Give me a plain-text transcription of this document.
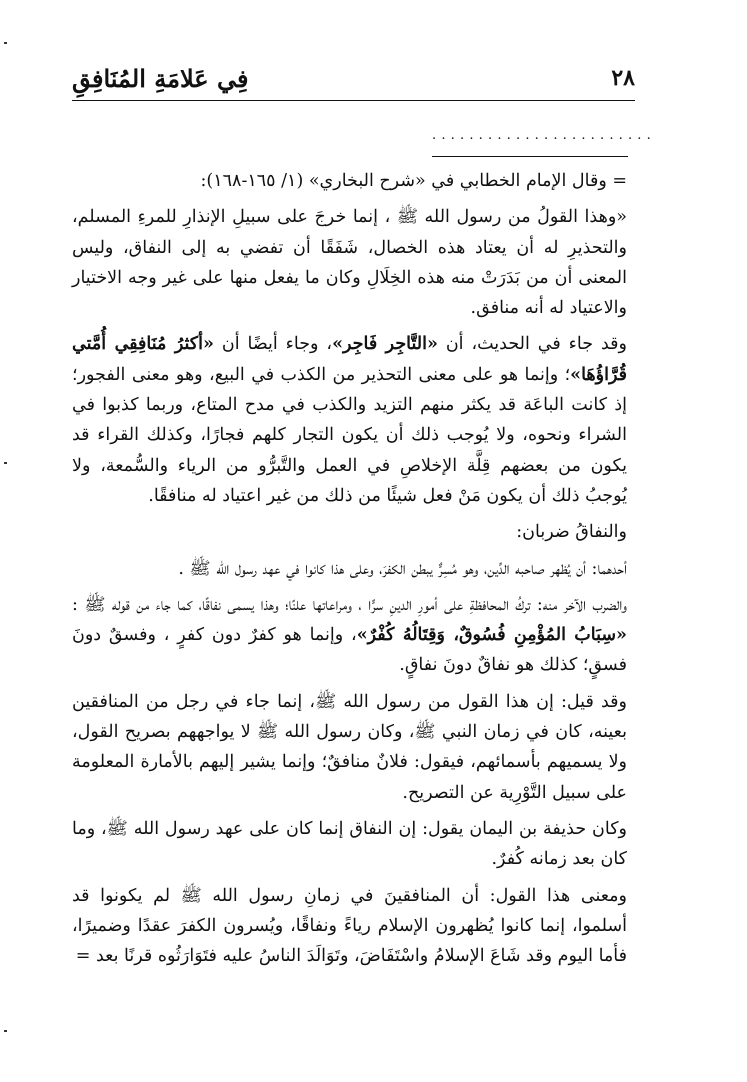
فِي عَلامَةِ المُنَافِقِ	٢٨
........................

= وقال الإمام الخطابي في «شرح البخاري» (١/ ١٦٥-١٦٨):

«وهذا القولُ من رسول الله ﷺ ، إنما خرجَ على سبيلِ الإنذارِ للمرءِ المسلم، والتحذيرِ له أن يعتاد هذه الخصال، شَفَقًا أن تفضي به إلى النفاق، وليس المعنى أن من بَدَرَتْ منه هذه الخِلَالِ وكان ما يفعل منها على غير وجه الاختيار والاعتياد له أنه منافق.

وقد جاء في الحديث، أن «التَّاجِر فَاجِر»، وجاء أيضًا أن «أكثرُ مُنَافِقِي أُمَّتي قُرَّاؤُهَا»؛ وإنما هو على معنى التحذير من الكذب في البيع، وهو معنى الفجور؛ إذ كانت الباعَة قد يكثر منهم التزيد والكذب في مدح المتاع، وربما كذبوا في الشراء ونحوه، ولا يُوجب ذلك أن يكون التجار كلهم فجارًا، وكذلك القراء قد يكون من بعضهم قِلَّة الإخلاصِ في العمل والتَّبرُّو من الرياء والسُّمعة، ولا يُوجبُ ذلك أن يكون مَنْ فعل شيئًا من ذلك من غير اعتياد له منافقًا.

والنفاقُ ضربان:

أحدهما: أن يُظهر صاحبه الدِّين، وهو مُسِرٌّ يبطن الكفرَ، وعلى هذا كانوا في عهد رسول الله ﷺ .

والضرب الآخر منه: تركُ المحافظةِ على أمورِ الدينِ سرًّا ، ومراعاتها علنًا؛ وهذا يسمى نفاقًا، كما جاء من قوله ﷺ : «سِبَابُ المُؤْمِنِ فُسُوقٌ، وَقِتَالُهُ كُفْرٌ»، وإنما هو كفرٌ دون كفرٍ ، وفسقٌ دونَ فسقٍ؛ كذلك هو نفاقٌ دونَ نفاقٍ.

وقد قيل: إن هذا القول من رسول الله ﷺ، إنما جاء في رجل من المنافقين بعينه، كان في زمان النبي ﷺ، وكان رسول الله ﷺ لا يواجههم بصريح القول، ولا يسميهم بأسمائهم، فيقول: فلانٌ منافقٌ؛ وإنما يشير إليهم بالأمارة المعلومة على سبيل التَّوْرِية عن التصريح.

وكان حذيفة بن اليمان يقول: إن النفاق إنما كان على عهد رسول الله ﷺ، وما كان بعد زمانه كُفرٌ.

ومعنى هذا القول: أن المنافقينَ في زمانِ رسول الله ﷺ لم يكونوا قد أسلموا، إنما كانوا يُظهرون الإسلام رياءً ونفاقًا، ويُسرون الكفرَ عقدًا وضميرًا، فأما اليوم وقد شَاعَ الإسلامُ واسْتَفَاضَ، وتَوَالَدَ الناسُ عليه فتَوَارَثُوه قرنًا بعد =
